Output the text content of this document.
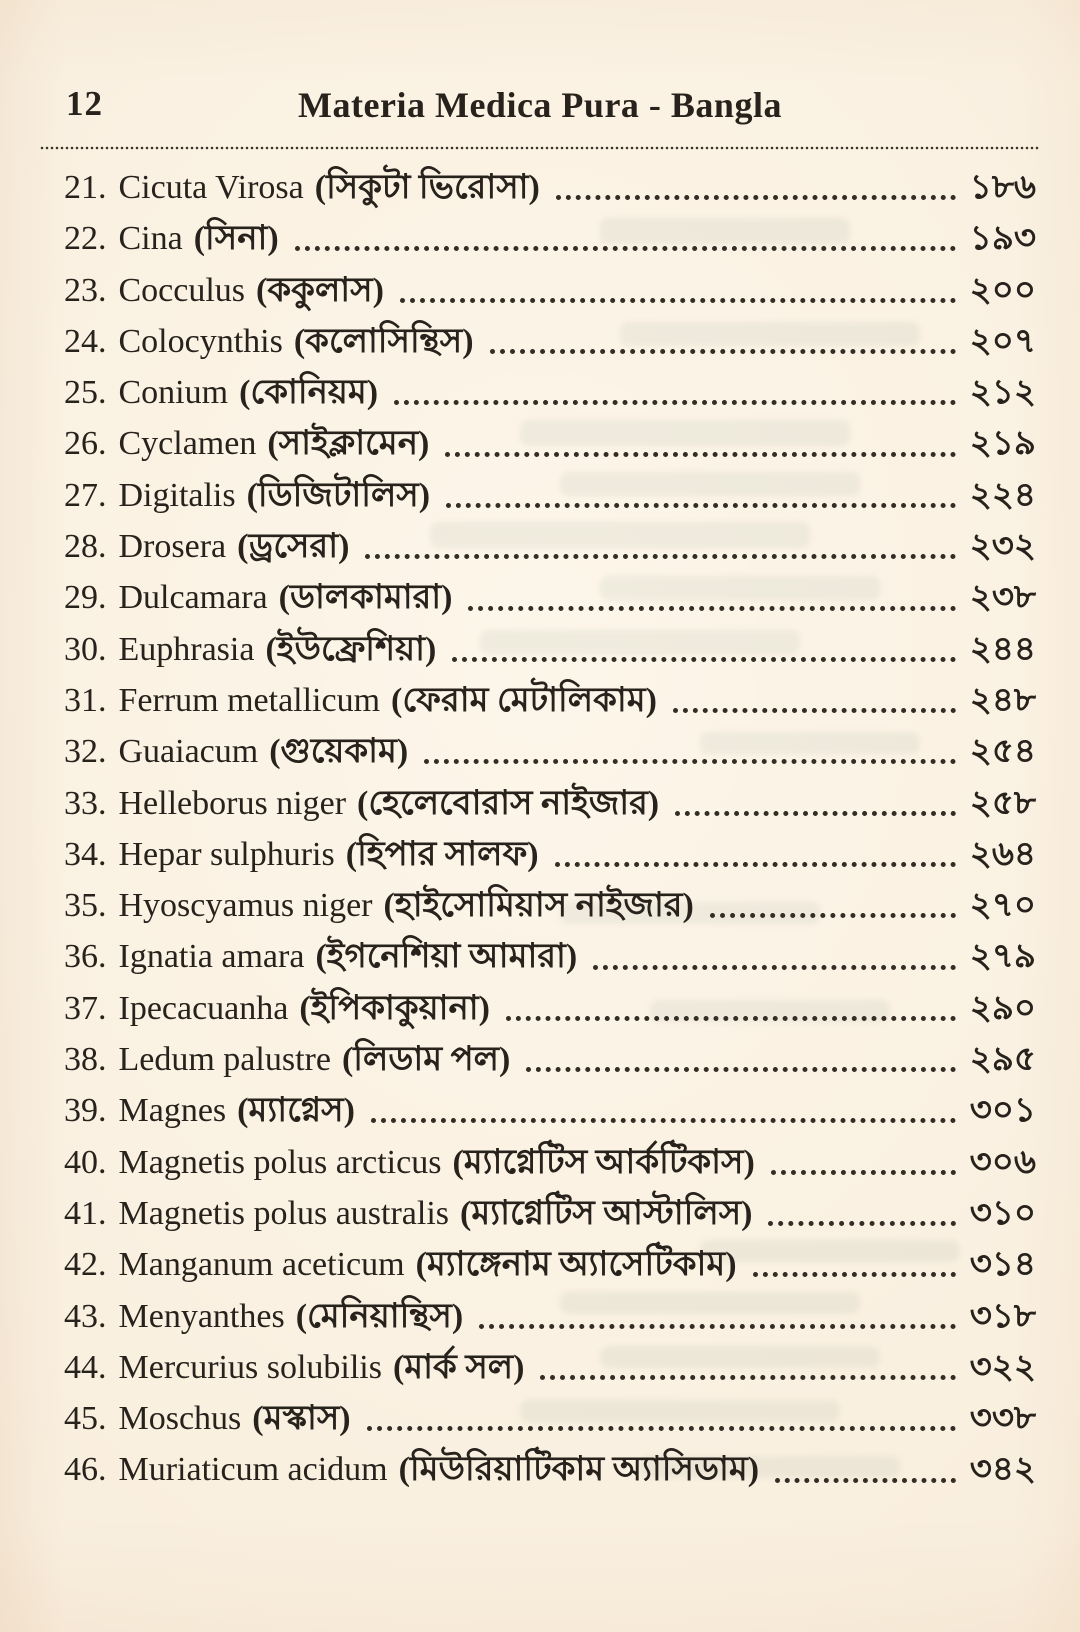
12	Materia Medica Pura - Bangla
21. Cicuta Virosa (সিকুটা ভিরোসা)	১৮৬
22. Cina (সিনা)	১৯৩
23. Cocculus (ককুলাস)	২০০
24. Colocynthis (কলোসিন্থিস)	২০৭
25. Conium (কোনিয়ম)	২১২
26. Cyclamen (সাইক্লামেন)	২১৯
27. Digitalis (ডিজিটালিস)	২২৪
28. Drosera (ড্রসেরা)	২৩২
29. Dulcamara (ডালকামারা)	২৩৮
30. Euphrasia (ইউফ্রেশিয়া)	২৪৪
31. Ferrum metallicum (ফেরাম মেটালিকাম)	২৪৮
32. Guaiacum (গুয়েকাম)	২৫৪
33. Helleborus niger (হেলেবোরাস নাইজার)	২৫৮
34. Hepar sulphuris (হিপার সালফ)	২৬৪
35. Hyoscyamus niger (হাইসোমিয়াস নাইজার)	২৭০
36. Ignatia amara (ইগনেশিয়া আমারা)	২৭৯
37. Ipecacuanha (ইপিকাকুয়ানা)	২৯০
38. Ledum palustre (লিডাম পল)	২৯৫
39. Magnes (ম্যাগ্নেস)	৩০১
40. Magnetis polus arcticus (ম্যাগ্নেটিস আর্কটিকাস)	৩০৬
41. Magnetis polus australis (ম্যাগ্নেটিস আস্টালিস)	৩১০
42. Manganum aceticum (ম্যাঙ্গেনাম অ্যাসেটিকাম)	৩১৪
43. Menyanthes (মেনিয়ান্থিস)	৩১৮
44. Mercurius solubilis (মার্ক সল)	৩২২
45. Moschus (মস্কাস)	৩৩৮
46. Muriaticum acidum (মিউরিয়াটিকাম অ্যাসিডাম)	৩৪২
